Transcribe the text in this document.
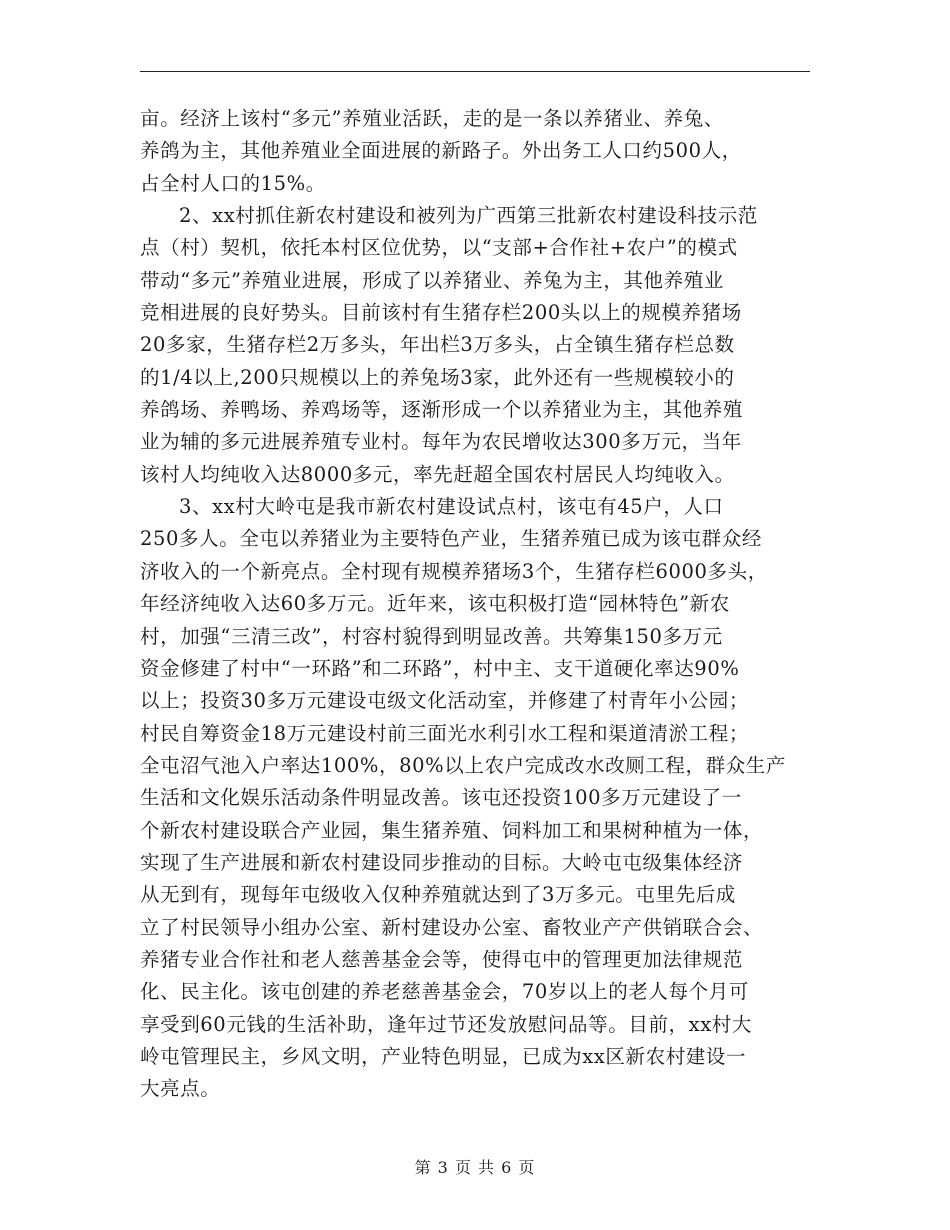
亩。经济上该村“多元”养殖业活跃，走的是一条以养猪业、养兔、
养鸽为主，其他养殖业全面进展的新路子。外出务工人口约500人，
占全村人口的15%。
2、xx村抓住新农村建设和被列为广西第三批新农村建设科技示范
点（村）契机，依托本村区位优势，以“支部+合作社+农户”的模式
带动“多元”养殖业进展，形成了以养猪业、养兔为主，其他养殖业
竞相进展的良好势头。目前该村有生猪存栏200头以上的规模养猪场
20多家，生猪存栏2万多头，年出栏3万多头，占全镇生猪存栏总数
的1/4以上,200只规模以上的养兔场3家，此外还有一些规模较小的
养鸽场、养鸭场、养鸡场等，逐渐形成一个以养猪业为主，其他养殖
业为辅的多元进展养殖专业村。每年为农民增收达300多万元，当年
该村人均纯收入达8000多元，率先赶超全国农村居民人均纯收入。
3、xx村大岭屯是我市新农村建设试点村，该屯有45户，人口
250多人。全屯以养猪业为主要特色产业，生猪养殖已成为该屯群众经
济收入的一个新亮点。全村现有规模养猪场3个，生猪存栏6000多头，
年经济纯收入达60多万元。近年来，该屯积极打造“园林特色”新农
村，加强“三清三改”，村容村貌得到明显改善。共筹集150多万元
资金修建了村中“一环路”和二环路”，村中主、支干道硬化率达90%
以上；投资30多万元建设屯级文化活动室，并修建了村青年小公园；
村民自筹资金18万元建设村前三面光水利引水工程和渠道清淤工程；
全屯沼气池入户率达100%，80%以上农户完成改水改厕工程，群众生产
生活和文化娱乐活动条件明显改善。该屯还投资100多万元建设了一
个新农村建设联合产业园，集生猪养殖、饲料加工和果树种植为一体，
实现了生产进展和新农村建设同步推动的目标。大岭屯屯级集体经济
从无到有，现每年屯级收入仅种养殖就达到了3万多元。屯里先后成
立了村民领导小组办公室、新村建设办公室、畜牧业产产供销联合会、
养猪专业合作社和老人慈善基金会等，使得屯中的管理更加法律规范
化、民主化。该屯创建的养老慈善基金会，70岁以上的老人每个月可
享受到60元钱的生活补助，逢年过节还发放慰问品等。目前，xx村大
岭屯管理民主，乡风文明，产业特色明显，已成为xx区新农村建设一
大亮点。
第 3 页 共 6 页
